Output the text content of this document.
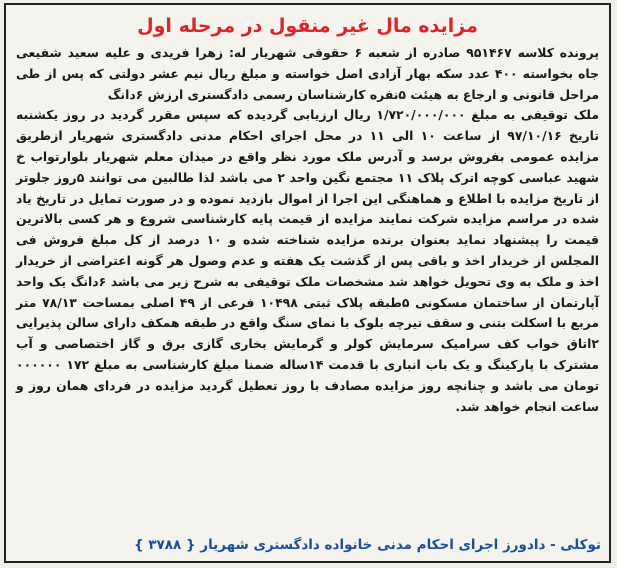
مزایده مال غیر منقول در مرحله اول

پرونده کلاسه ۹۵۱۴۶۷ صادره از شعبه ۶ حقوقی شهریار له: زهرا فریدی و علیه سعید شفیعی جاه بخواسته ۴۰۰ عدد سکه بهار آزادی اصل خواسته و مبلغ ریال نیم عشر دولتی که پس از طی مراحل قانونی و ارجاع به هیئت ۵نفره کارشناسان رسمی دادگستری ارزش ۶دانگ

ملک توقیفی به مبلغ ۱/۷۲۰/۰۰۰/۰۰۰ ریال ارزیابی گردیده که سپس مقرر گردید در روز یکشنبه تاریخ ۹۷/۱۰/۱۶ از ساعت ۱۰ الی ۱۱ در محل اجرای احکام مدنی دادگستری شهریار ازطریق مزایده عمومی بفروش برسد و آدرس ملک مورد نظر واقع در میدان معلم شهریار بلوارتواب خ شهید عباسی کوچه اترک پلاک ۱۱ مجتمع نگین واحد ۲ می باشد لذا طالبین می توانند ۵روز جلوتر از تاریخ مزایده با اطلاع و هماهنگی این اجرا از اموال بازدید نموده و در صورت تمایل در تاریخ یاد شده در مراسم مزایده شرکت نمایند مزایده از قیمت پایه کارشناسی شروع و هر کسی بالاترین قیمت را پیشنهاد نماید بعنوان برنده مزایده شناخته شده و ۱۰ درصد از کل مبلغ فروش فی المجلس از خریدار اخذ و باقی پس از گذشت یک هفته و عدم وصول هر گونه اعتراضی از خریدار اخذ و ملک به وی تحویل خواهد شد مشخصات ملک توقیفی به شرح زیر می باشد ۶دانگ یک واحد آپارتمان از ساختمان مسکونی ۵طبقه پلاک ثبتی ۱۰۴۹۸ فرعی از ۴۹ اصلی بمساحت ۷۸/۱۳ متر مربع با اسکلت بتنی و سقف تیرچه بلوک با نمای سنگ واقع در طبقه همکف دارای سالن پذیرایی ۲اتاق خواب کف سرامیک سرمایش کولر و گرمایش بخاری گازی برق و گاز اختصاصی و آب مشترک با پارکینگ و یک باب انباری با قدمت ۱۴ساله ضمنا مبلغ کارشناسی به مبلغ ۱۷۲ ۰۰۰۰۰۰ تومان می باشد و چنانچه روز مزایده مصادف با روز تعطیل گردید مزایده در فردای همان روز و ساعت انجام خواهد شد.

توکلی - دادورز اجرای احکام مدنی خانواده دادگستری شهریار { ۳۷۸۸ }
